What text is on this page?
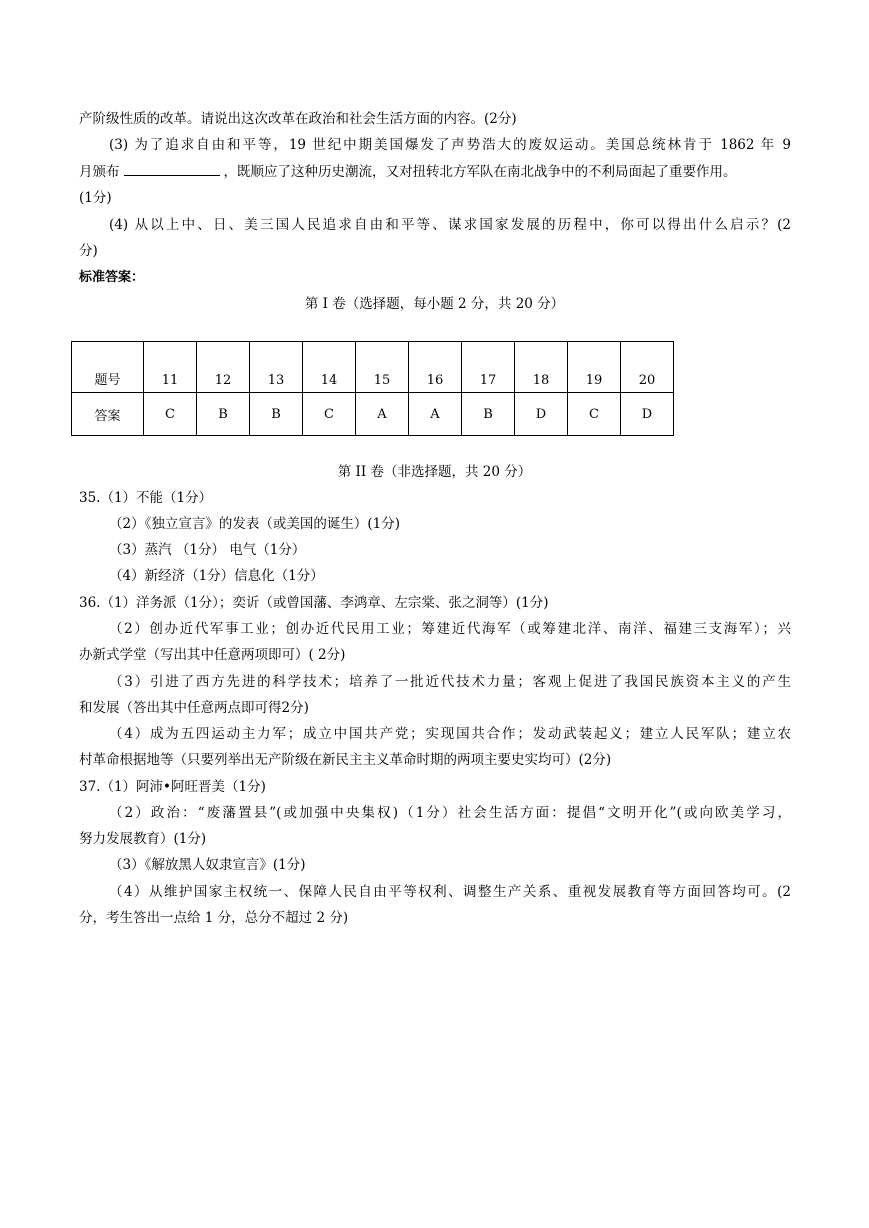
产阶级性质的改革。请说出这次改革在政治和社会生活方面的内容。(2分)
(3) 为了追求自由和平等，19 世纪中期美国爆发了声势浩大的废奴运动。美国总统林肯于 1862 年 9
月颁布	，既顺应了这种历史潮流，又对扭转北方军队在南北战争中的不利局面起了重要作用。
(1分)
(4) 从以上中、日、美三国人民追求自由和平等、谋求国家发展的历程中，你可以得出什么启示？(2
分)
标准答案：
第 I 卷（选择题，每小题 2 分，共 20 分）
题号	11	12	13	14	15	16	17	18	19	20
答案	C	B	B	C	A	A	B	D	C	D
第 II 卷（非选择题，共 20 分）
35.（1）不能（1分）
（2）《独立宣言》的发表（或美国的诞生）(1分)
（3）蒸汽 （1分） 电气（1分）
（4）新经济（1分）信息化（1分）
36.（1）洋务派（1分）；奕䜣（或曾国藩、李鸿章、左宗棠、张之洞等）(1分)
（2）创办近代军事工业；创办近代民用工业；筹建近代海军（或筹建北洋、南洋、福建三支海军）；兴
办新式学堂（写出其中任意两项即可）( 2分)
（3）引进了西方先进的科学技术；培养了一批近代技术力量；客观上促进了我国民族资本主义的产生
和发展（答出其中任意两点即可得2分)
（4）成为五四运动主力军；成立中国共产党；实现国共合作；发动武装起义；建立人民军队；建立农
村革命根据地等（只要列举出无产阶级在新民主主义革命时期的两项主要史实均可）(2分)
37.（1）阿沛•阿旺晋美（1分)
（2）政治：“废藩置县”(或加强中央集权)（1分）社会生活方面：提倡“文明开化”(或向欧美学习，
努力发展教育）(1分)
（3）《解放黑人奴隶宣言》(1分)
（4）从维护国家主权统一、保障人民自由平等权利、调整生产关系、重视发展教育等方面回答均可。(2
分，考生答出一点给 1 分，总分不超过 2 分)
